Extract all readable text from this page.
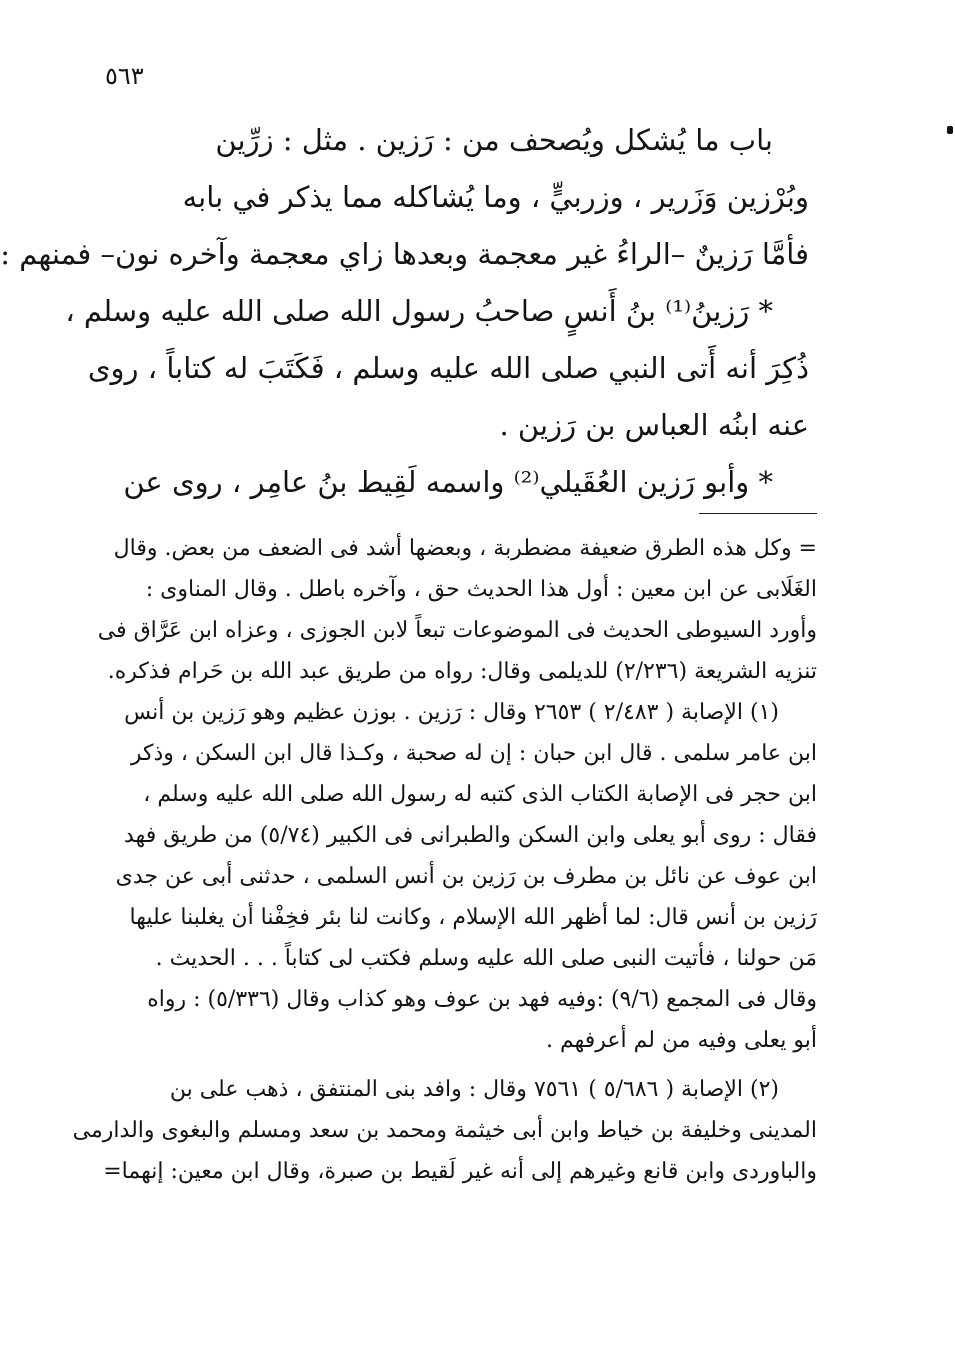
٥٦٣

باب ما يُشكل ويُصحف من : رَزين . مثل : زرِّين

وبُرْزين وَزَرير ، وزربيٍّ ، وما يُشاكله مما يذكر في بابه

فأمَّا رَزينٌ –الراءُ غير معجمة وبعدها زاي معجمة وآخره نون– فمنهم :

* رَزينُ⁽¹⁾ بنُ أَنسٍ صاحبُ رسول الله صلى الله عليه وسلم ،

ذُكِرَ أنه أَتى النبي صلى الله عليه وسلم ، فَكَتَبَ له كتاباً ، روى

عنه ابنُه العباس بن رَزين .

* وأبو رَزين العُقَيلي⁽²⁾ واسمه لَقِيط بنُ عامِر ، روى عن

= وكل هذه الطرق ضعيفة مضطربة ، وبعضها أشد فى الضعف من بعض. وقال

الغَلَابى عن ابن معين : أول هذا الحديث حق ، وآخره باطل . وقال المناوى :

وأورد السيوطى الحديث فى الموضوعات تبعاً لابن الجوزى ، وعزاه ابن عَرَّاق فى

تنزيه الشريعة (٢/٢٣٦) للديلمى وقال: رواه من طريق عبد الله بن حَرام فذكره.

(١) الإصابة ( ٢/٤٨٣ ) ٢٦٥٣ وقال : رَزين . بوزن عظيم وهو رَزين بن أنس

ابن عامر سلمى . قال ابن حبان : إن له صحبة ، وكـذا قال ابن السكن ، وذكر

ابن حجر فى الإصابة الكتاب الذى كتبه له رسول الله صلى الله عليه وسلم ،

فقال : روى أبو يعلى وابن السكن والطبرانى فى الكبير (٥/٧٤) من طريق فهد

ابن عوف عن نائل بن مطرف بن رَزين بن أنس السلمى ، حدثنى أبى عن جدى

رَزين بن أنس قال: لما أظهر الله الإسلام ، وكانت لنا بئر فخِفْنا أن يغلبنا عليها

مَن حولنا ، فأتيت النبى صلى الله عليه وسلم فكتب لى كتاباً . . . الحديث .

وقال فى المجمع (٩/٦) :وفيه فهد بن عوف وهو كذاب وقال (٥/٣٣٦) : رواه

أبو يعلى وفيه من لم أعرفهم .

(٢) الإصابة ( ٥/٦٨٦ ) ٧٥٦١ وقال : وافد بنى المنتفق ، ذهب على بن

المدينى وخليفة بن خياط وابن أبى خيثمة ومحمد بن سعد ومسلم والبغوى والدارمى

والباوردى وابن قانع وغيرهم إلى أنه غير لَقيط بن صبرة، وقال ابن معين: إنهما=
